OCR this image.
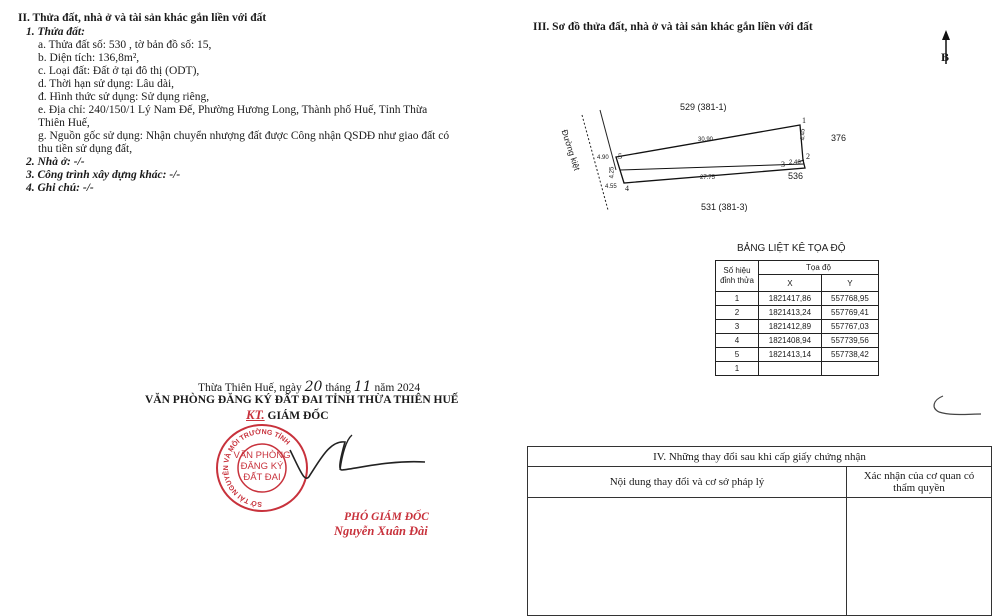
II. Thửa đất, nhà ở và tài sản khác gắn liền với đất
1. Thửa đất:
a. Thửa đất số: 530 , tờ bản đồ số: 15,
b. Diện tích: 136,8m²,
c. Loại đất: Đất ở tại đô thị (ODT),
d. Thời hạn sử dụng: Lâu dài,
đ. Hình thức sử dụng: Sử dụng riêng,
e. Địa chỉ: 240/150/1 Lý Nam Đế, Phường Hương Long, Thành phố Huế, Tỉnh Thừa
Thiên Huế,
g. Nguồn gốc sử dụng: Nhận chuyển nhượng đất được Công nhận QSDĐ như giao đất có
thu tiền sử dụng đất,
2. Nhà ở: -/-
3. Công trình xây dựng khác: -/-
4. Ghi chú: -/-
Thừa Thiên Huế, ngày 20 tháng 11 năm 2024
VĂN PHÒNG ĐĂNG KÝ ĐẤT ĐAI TỈNH THỪA THIÊN HUẾ
KT. GIÁM ĐỐC
SỞ TÀI NGUYÊN VÀ MÔI TRƯỜNG TỈNH
VĂN PHÒNG
ĐĂNG KÝ
ĐẤT ĐAI
PHÓ GIÁM ĐỐC
Nguyễn Xuân Đài
III. Sơ đồ thửa đất, nhà ở và tài sản khác gắn liền với đất
B
529 (381-1)
376
531 (381-3)
536
Đường kiệt
1
2
3
4
5
30.90
27.75
4.45
2.40
4.90
4.25
4.55
BẢNG LIỆT KÊ TỌA ĐỘ
Số hiệu đỉnh thửa	Tọa độ	
	X	Y
1	1821417,86	557768,95
2	1821413,24	557769,41
3	1821412,89	557767,03
4	1821408,94	557739,56
5	1821413,14	557738,42
1		
IV. Những thay đổi sau khi cấp giấy chứng nhận	
Nội dung thay đổi và cơ sở pháp lý	Xác nhận của cơ quan có thẩm quyền
